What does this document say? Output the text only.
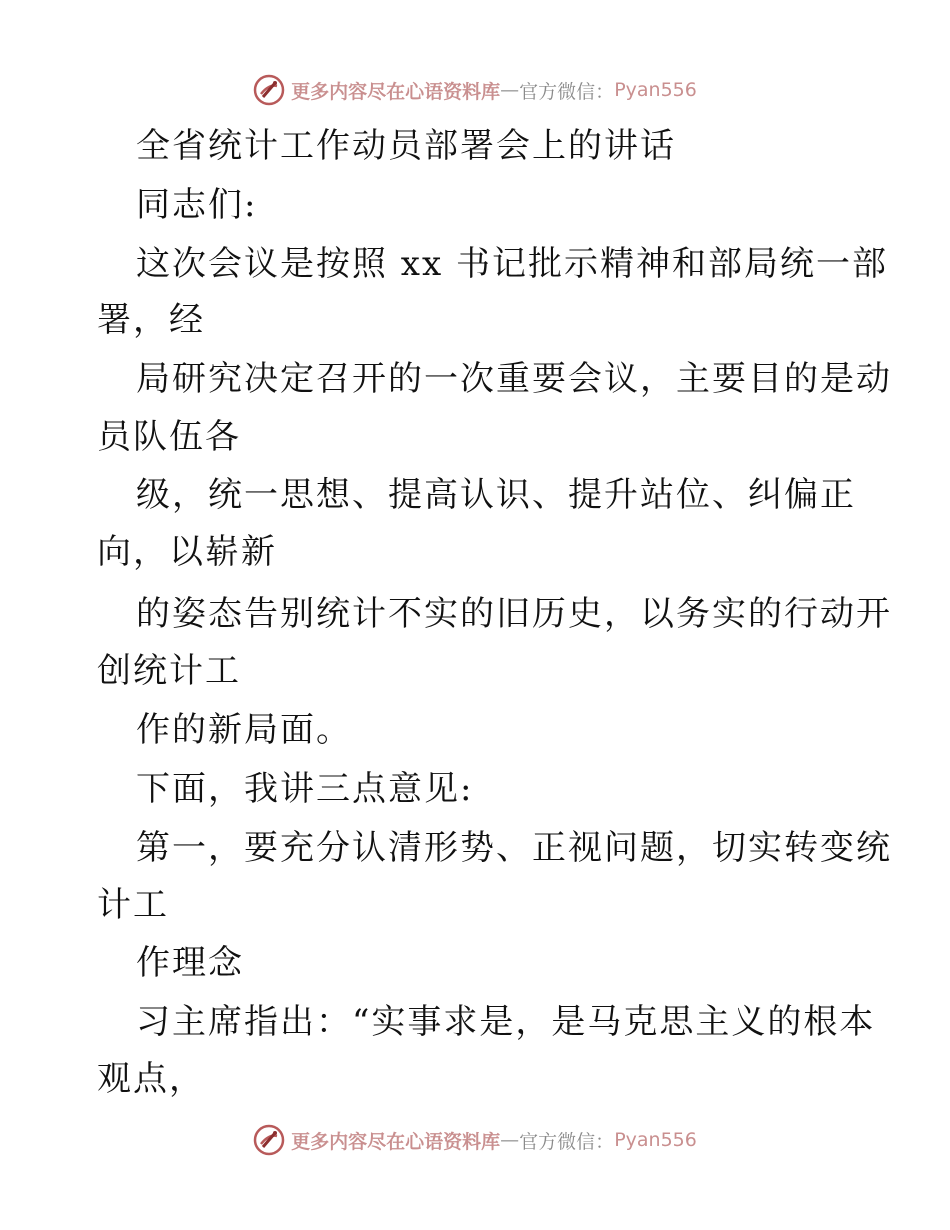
更多内容尽在心语资料库 — 官方微信： Pyan556
全省统计工作动员部署会上的讲话
同志们:
这次会议是按照 xx 书记批示精神和部局统一部
署，经
局研究决定召开的一次重要会议，主要目的是动
员队伍各
级，统一思想、提高认识、提升站位、纠偏正
向，以崭新
的姿态告别统计不实的旧历史，以务实的行动开
创统计工
作的新局面。
下面，我讲三点意见:
第一，要充分认清形势、正视问题，切实转变统
计工
作理念
习主席指出：“实事求是，是马克思主义的根本
观点，
更多内容尽在心语资料库 — 官方微信： Pyan556
